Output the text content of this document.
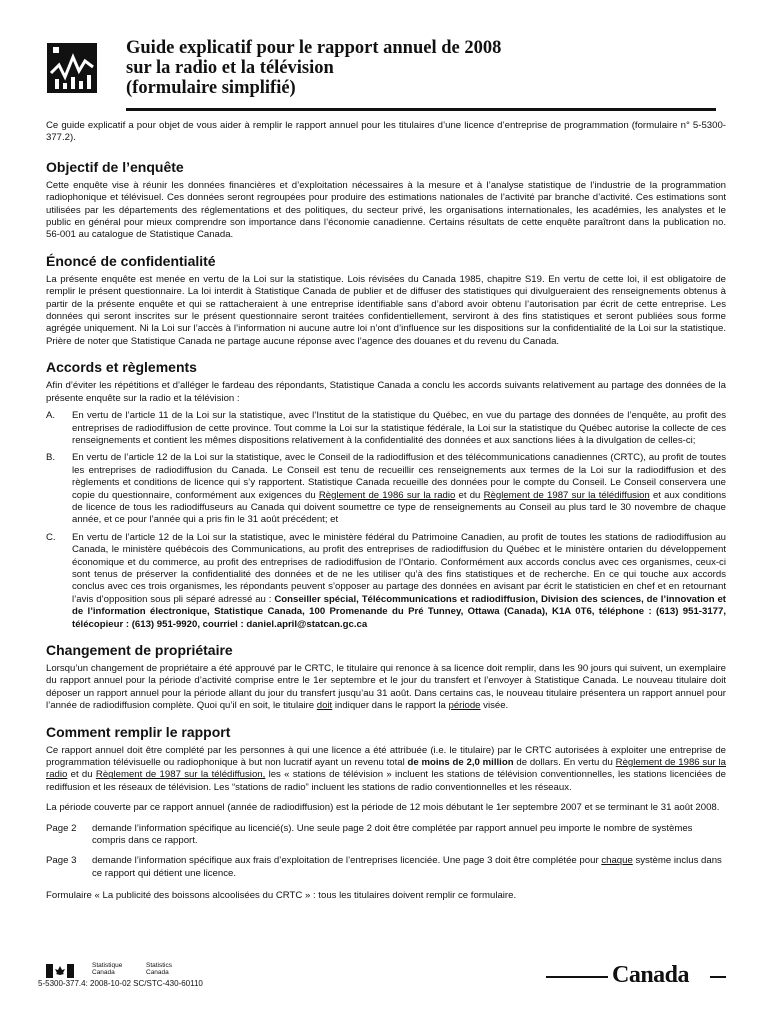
Guide explicatif pour le rapport annuel de 2008
sur la radio et la télévision
(formulaire simplifié)

Ce guide explicatif a pour objet de vous aider à remplir le rapport annuel pour les titulaires d’une licence d’entreprise de programmation (formulaire n° 5-5300-377.2).

Objectif de l’enquête

Cette enquête vise à réunir les données financières et d’exploitation nécessaires à la mesure et à l’analyse statistique de l’industrie de la programmation radiophonique et télévisuel. Ces données seront regroupées pour produire des estimations nationales de l’activité par branche d’activité. Ces estimations sont utilisées par les départements des réglementations et des politiques, du secteur privé, les organisations internationales, les académies, les analystes et le public en général pour mieux comprendre son importance dans l’économie canadienne. Certains résultats de cette enquête paraîtront dans la publication no. 56-001 au catalogue de Statistique Canada.

Énoncé de confidentialité

La présente enquête est menée en vertu de la Loi sur la statistique. Lois révisées du Canada 1985, chapitre S19. En vertu de cette loi, il est obligatoire de remplir le présent questionnaire. La loi interdit à Statistique Canada de publier et de diffuser des statistiques qui divulgueraient des renseignements obtenus à partir de la présente enquête et qui se rattacheraient à une entreprise identifiable sans d’abord avoir obtenu l’autorisation par écrit de cette entreprise. Les données qui seront inscrites sur le présent questionnaire seront traitées confidentiellement, serviront à des fins statistiques et seront publiées sous forme agrégée uniquement. Ni la Loi sur l’accès à l’information ni aucune autre loi n’ont d’influence sur les dispositions sur la confidentialité de la Loi sur la statistique. Prière de noter que Statistique Canada ne partage aucune réponse avec l’agence des douanes et du revenu du Canada.

Accords et règlements

Afin d’éviter les répétitions et d’alléger le fardeau des répondants, Statistique Canada a conclu les accords suivants relativement au partage des données de la présente enquête sur la radio et la télévision :

A.	En vertu de l’article 11 de la Loi sur la statistique, avec l’Institut de la statistique du Québec, en vue du partage des données de l’enquête, au profit des entreprises de radiodiffusion de cette province. Tout comme la Loi sur la statistique fédérale, la Loi sur la statistique du Québec autorise la collecte de ces renseignements et contient les mêmes dispositions relativement à la confidentialité des données et aux sanctions liées à la divulgation de celles-ci;

B.	En vertu de l’article 12 de la Loi sur la statistique, avec le Conseil de la radiodiffusion et des télécommunications canadiennes (CRTC), au profit de toutes les entreprises de radiodiffusion du Canada. Le Conseil est tenu de recueillir ces renseignements aux termes de la Loi sur la radiodiffusion et des règlements et conditions de licence qui s’y rapportent. Statistique Canada recueille des données pour le compte du Conseil. Le Conseil conservera une copie du questionnaire, conformément aux exigences du Règlement de 1986 sur la radio et du Règlement de 1987 sur la télédiffusion et aux conditions de licence de tous les radiodiffuseurs au Canada qui doivent soumettre ce type de renseignements au Conseil au plus tard le 30 novembre de chaque année, et ce pour l’année qui a pris fin le 31 août précédent; et

C.	En vertu de l’article 12 de la Loi sur la statistique, avec le ministère fédéral du Patrimoine Canadien, au profit de toutes les stations de radiodiffusion au Canada, le ministère québécois des Communications, au profit des entreprises de radiodiffusion du Québec et le ministère ontarien du développement économique et du commerce, au profit des entreprises de radiodiffusion de l’Ontario. Conformément aux accords conclus avec ces organismes, ceux-ci sont tenus de préserver la confidentialité des données et de ne les utiliser qu’à des fins statistiques et de recherche. En ce qui touche aux accords conclus avec ces trois organismes, les répondants peuvent s’opposer au partage des données en avisant par écrit le statisticien en chef et en retournant l’avis d’opposition sous pli séparé adressé au : Conseiller spécial, Télécommunications et radiodiffusion, Division des sciences, de l’innovation et de l’information électronique, Statistique Canada, 100 Promenande du Pré Tunney, Ottawa (Canada), K1A 0T6, téléphone : (613) 951-3177, télécopieur : (613) 951-9920, courriel : daniel.april@statcan.gc.ca

Changement de propriétaire

Lorsqu’un changement de propriétaire a été approuvé par le CRTC, le titulaire qui renonce à sa licence doit remplir, dans les 90 jours qui suivent, un exemplaire du rapport annuel pour la période d’activité comprise entre le 1er septembre et le jour du transfert et l’envoyer à Statistique Canada. Le nouveau titulaire doit déposer un rapport annuel pour la période allant du jour du transfert jusqu’au 31 août. Dans certains cas, le nouveau titulaire présentera un rapport annuel pour l’année de radiodiffusion complète. Quoi qu’il en soit, le titulaire doit indiquer dans le rapport la période visée.

Comment remplir le rapport

Ce rapport annuel doit être complété par les personnes à qui une licence a été attribuée (i.e. le titulaire) par le CRTC autorisées à exploiter une entreprise de programmation télévisuelle ou radiophonique à but non lucratif ayant un revenu total de moins de 2,0 million de dollars. En vertu du Règlement de 1986 sur la radio et du Règlement de 1987 sur la télédiffusion, les « stations de télévision » incluent les stations de télévision conventionnelles, les stations licenciées de rediffusion et les réseaux de télévision. Les “stations de radio” incluent les stations de radio conventionnelles et les réseaux.

La période couverte par ce rapport annuel (année de radiodiffusion) est la période de 12 mois débutant le 1er septembre 2007 et se terminant le 31 août 2008.

Page 2	demande l’information spécifique au licencié(s). Une seule page 2 doit être complétée par rapport annuel peu importe le nombre de systèmes compris dans ce rapport.

Page 3	demande l’information spécifique aux frais d’exploitation de l’entreprises licenciée. Une page 3 doit être complétée pour chaque système inclus dans ce rapport qui détient une licence.

Formulaire « La publicité des boissons alcoolisées du CRTC » : tous les titulaires doivent remplir ce formulaire.

Statistique
Canada
Statistics
Canada
5-5300-377.4: 2008-10-02 SC/STC-430-60110	Canada
